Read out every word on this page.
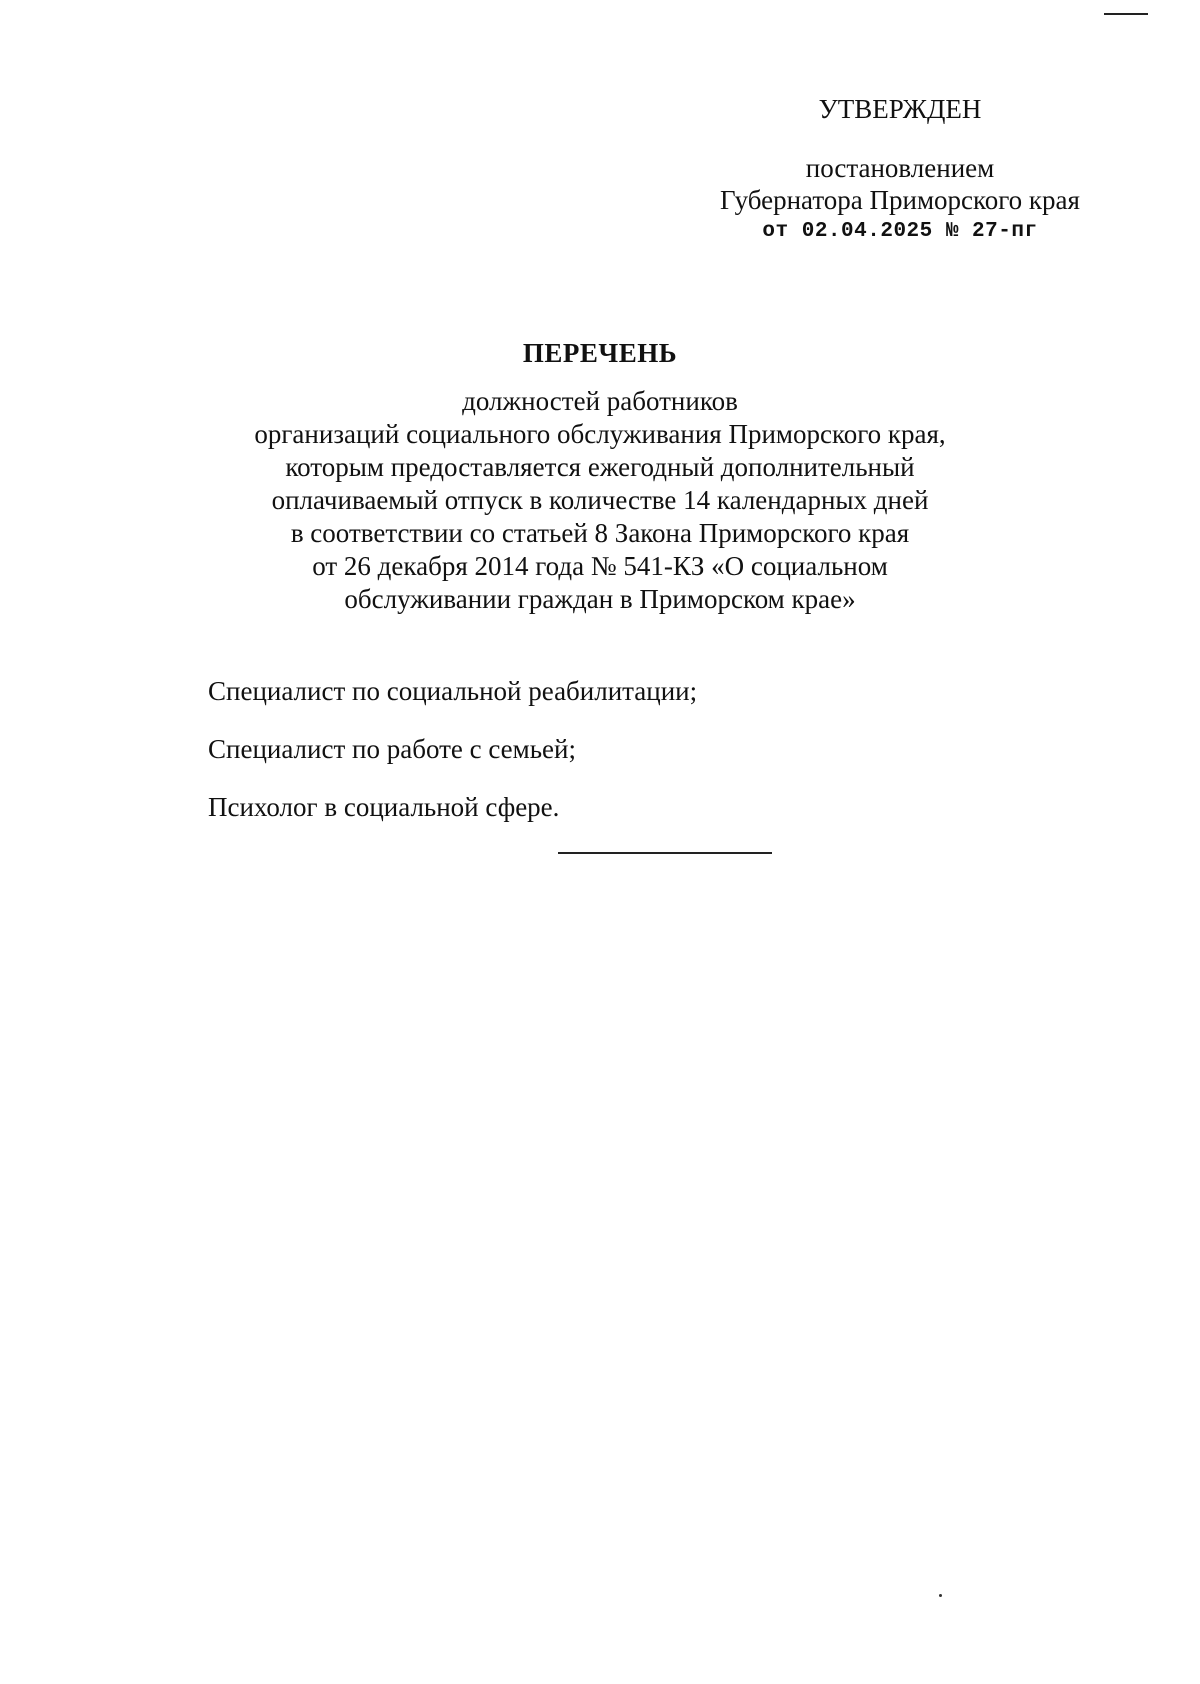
УТВЕРЖДЕН
постановлением
Губернатора Приморского края
от 02.04.2025 № 27-пг
ПЕРЕЧЕНЬ
должностей работников
организаций социального обслуживания Приморского края,
которым предоставляется ежегодный дополнительный
оплачиваемый отпуск в количестве 14 календарных дней
в соответствии со статьей 8 Закона Приморского края
от 26 декабря 2014 года № 541-КЗ «О социальном
обслуживании граждан в Приморском крае»
Специалист по социальной реабилитации;
Специалист по работе с семьей;
Психолог в социальной сфере.
